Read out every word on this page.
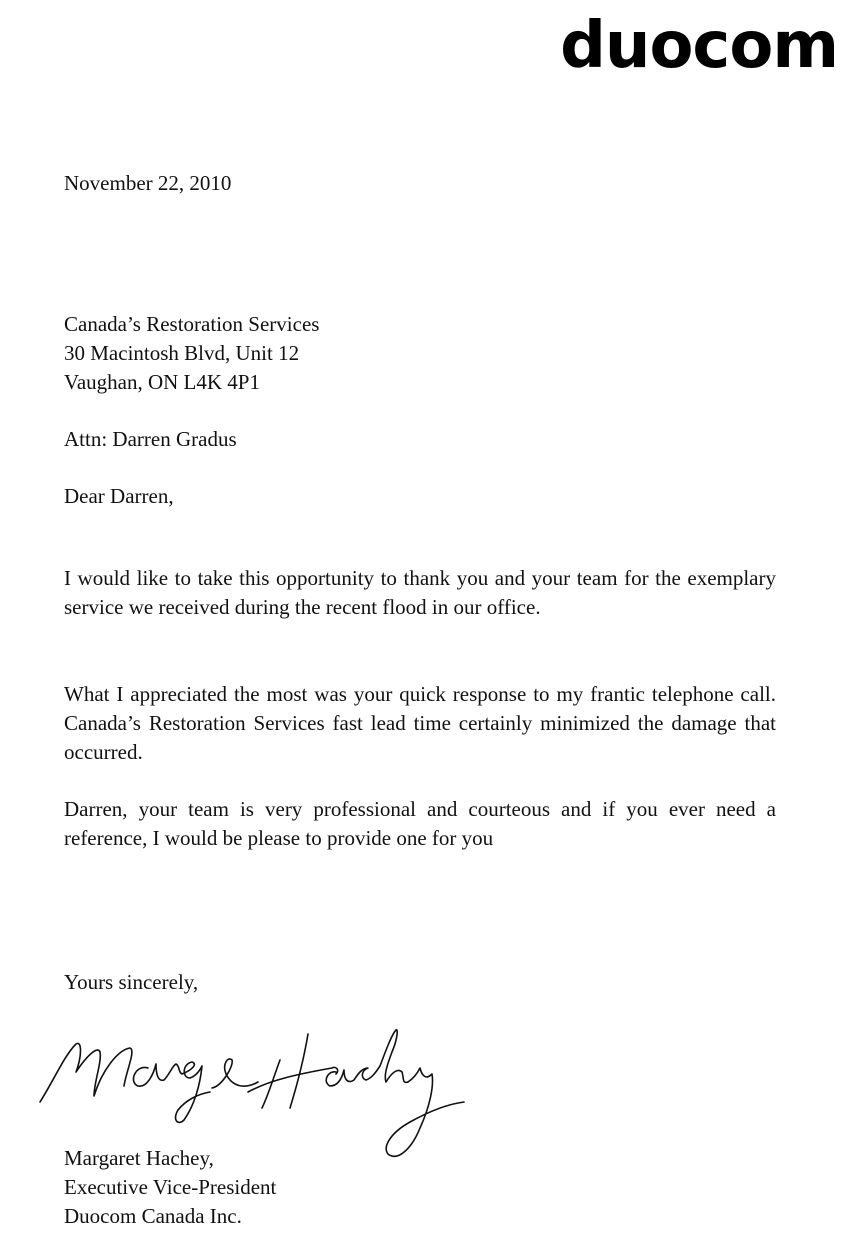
duocom
November 22, 2010
Canada’s Restoration Services
30 Macintosh Blvd, Unit 12
Vaughan, ON L4K 4P1
Attn: Darren Gradus
Dear Darren,
I would like to take this opportunity to thank you and your team for the exemplary service we received during the recent flood in our office.
What I appreciated the most was your quick response to my frantic telephone call. Canada’s Restoration Services fast lead time certainly minimized the damage that occurred.
Darren, your team is very professional and courteous and if you ever need a reference, I would be please to provide one for you
Yours sincerely,
Margaret Hachey,
Executive Vice-President
Duocom Canada Inc.
